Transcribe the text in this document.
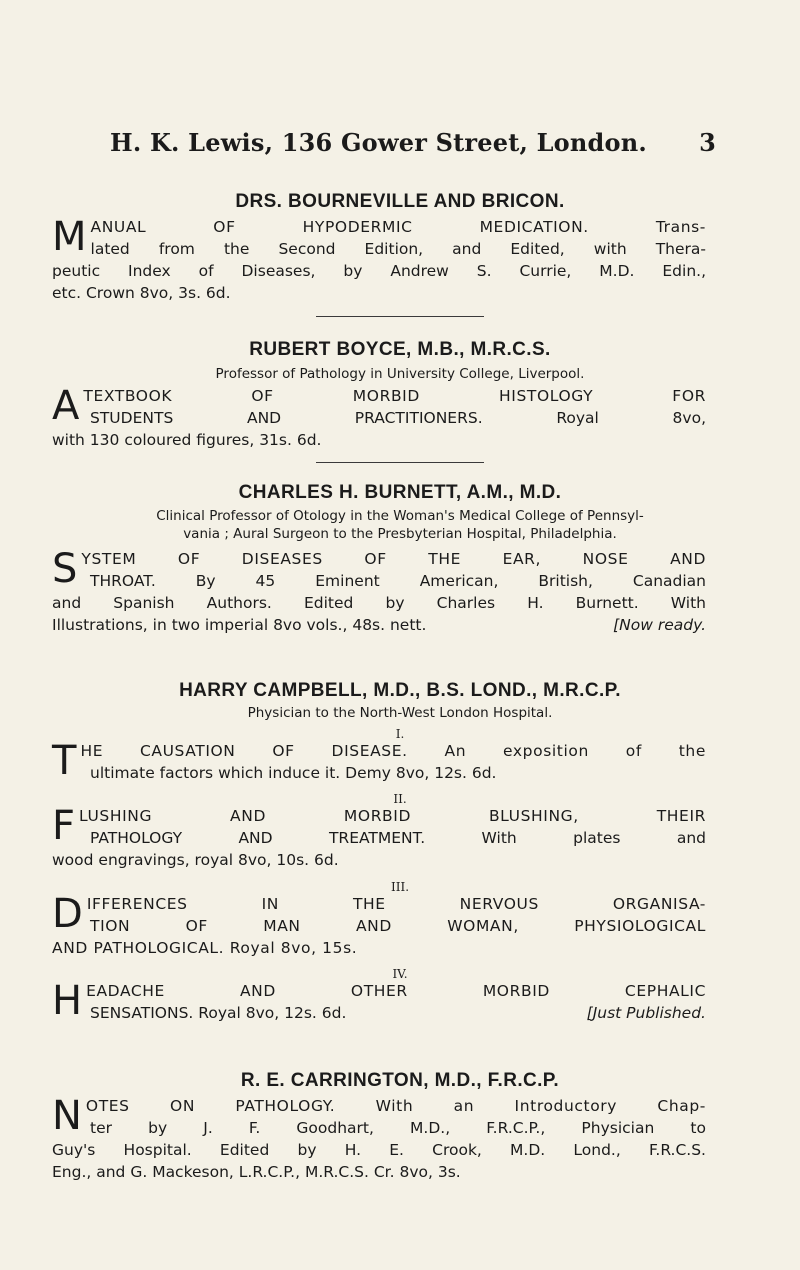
H. K. Lewis, 136 Gower Street, London. 3
DRS. BOURNEVILLE AND BRICON.
M ANUAL OF HYPODERMIC MEDICATION. Trans-
lated from the Second Edition, and Edited, with Thera-
peutic Index of Diseases, by Andrew S. Currie, M.D. Edin.,
etc. Crown 8vo, 3s. 6d.
RUBERT BOYCE, M.B., M.R.C.S.
Professor of Pathology in University College, Liverpool.
A TEXTBOOK OF MORBID HISTOLOGY FOR
STUDENTS AND PRACTITIONERS. Royal 8vo,
with 130 coloured figures, 31s. 6d.
CHARLES H. BURNETT, A.M., M.D.
Clinical Professor of Otology in the Woman's Medical College of Pennsyl-
vania ; Aural Surgeon to the Presbyterian Hospital, Philadelphia.
S YSTEM OF DISEASES OF THE EAR, NOSE AND
THROAT. By 45 Eminent American, British, Canadian
and Spanish Authors. Edited by Charles H. Burnett. With
Illustrations, in two imperial 8vo vols., 48s. nett.	[Now ready.
HARRY CAMPBELL, M.D., B.S. LOND., M.R.C.P.
Physician to the North-West London Hospital.
I.
T HE CAUSATION OF DISEASE. An exposition of the
ultimate factors which induce it. Demy 8vo, 12s. 6d.
II.
F LUSHING AND MORBID BLUSHING, THEIR
PATHOLOGY AND TREATMENT. With plates and
wood engravings, royal 8vo, 10s. 6d.
III.
D IFFERENCES IN THE NERVOUS ORGANISA-
TION OF MAN AND WOMAN, PHYSIOLOGICAL
AND PATHOLOGICAL. Royal 8vo, 15s.
IV.
H EADACHE AND OTHER MORBID CEPHALIC
SENSATIONS. Royal 8vo, 12s. 6d.	[Just Published.
R. E. CARRINGTON, M.D., F.R.C.P.
N OTES ON PATHOLOGY. With an Introductory Chap-
ter by J. F. Goodhart, M.D., F.R.C.P., Physician to
Guy's Hospital. Edited by H. E. Crook, M.D. Lond., F.R.C.S.
Eng., and G. Mackeson, L.R.C.P., M.R.C.S. Cr. 8vo, 3s.
